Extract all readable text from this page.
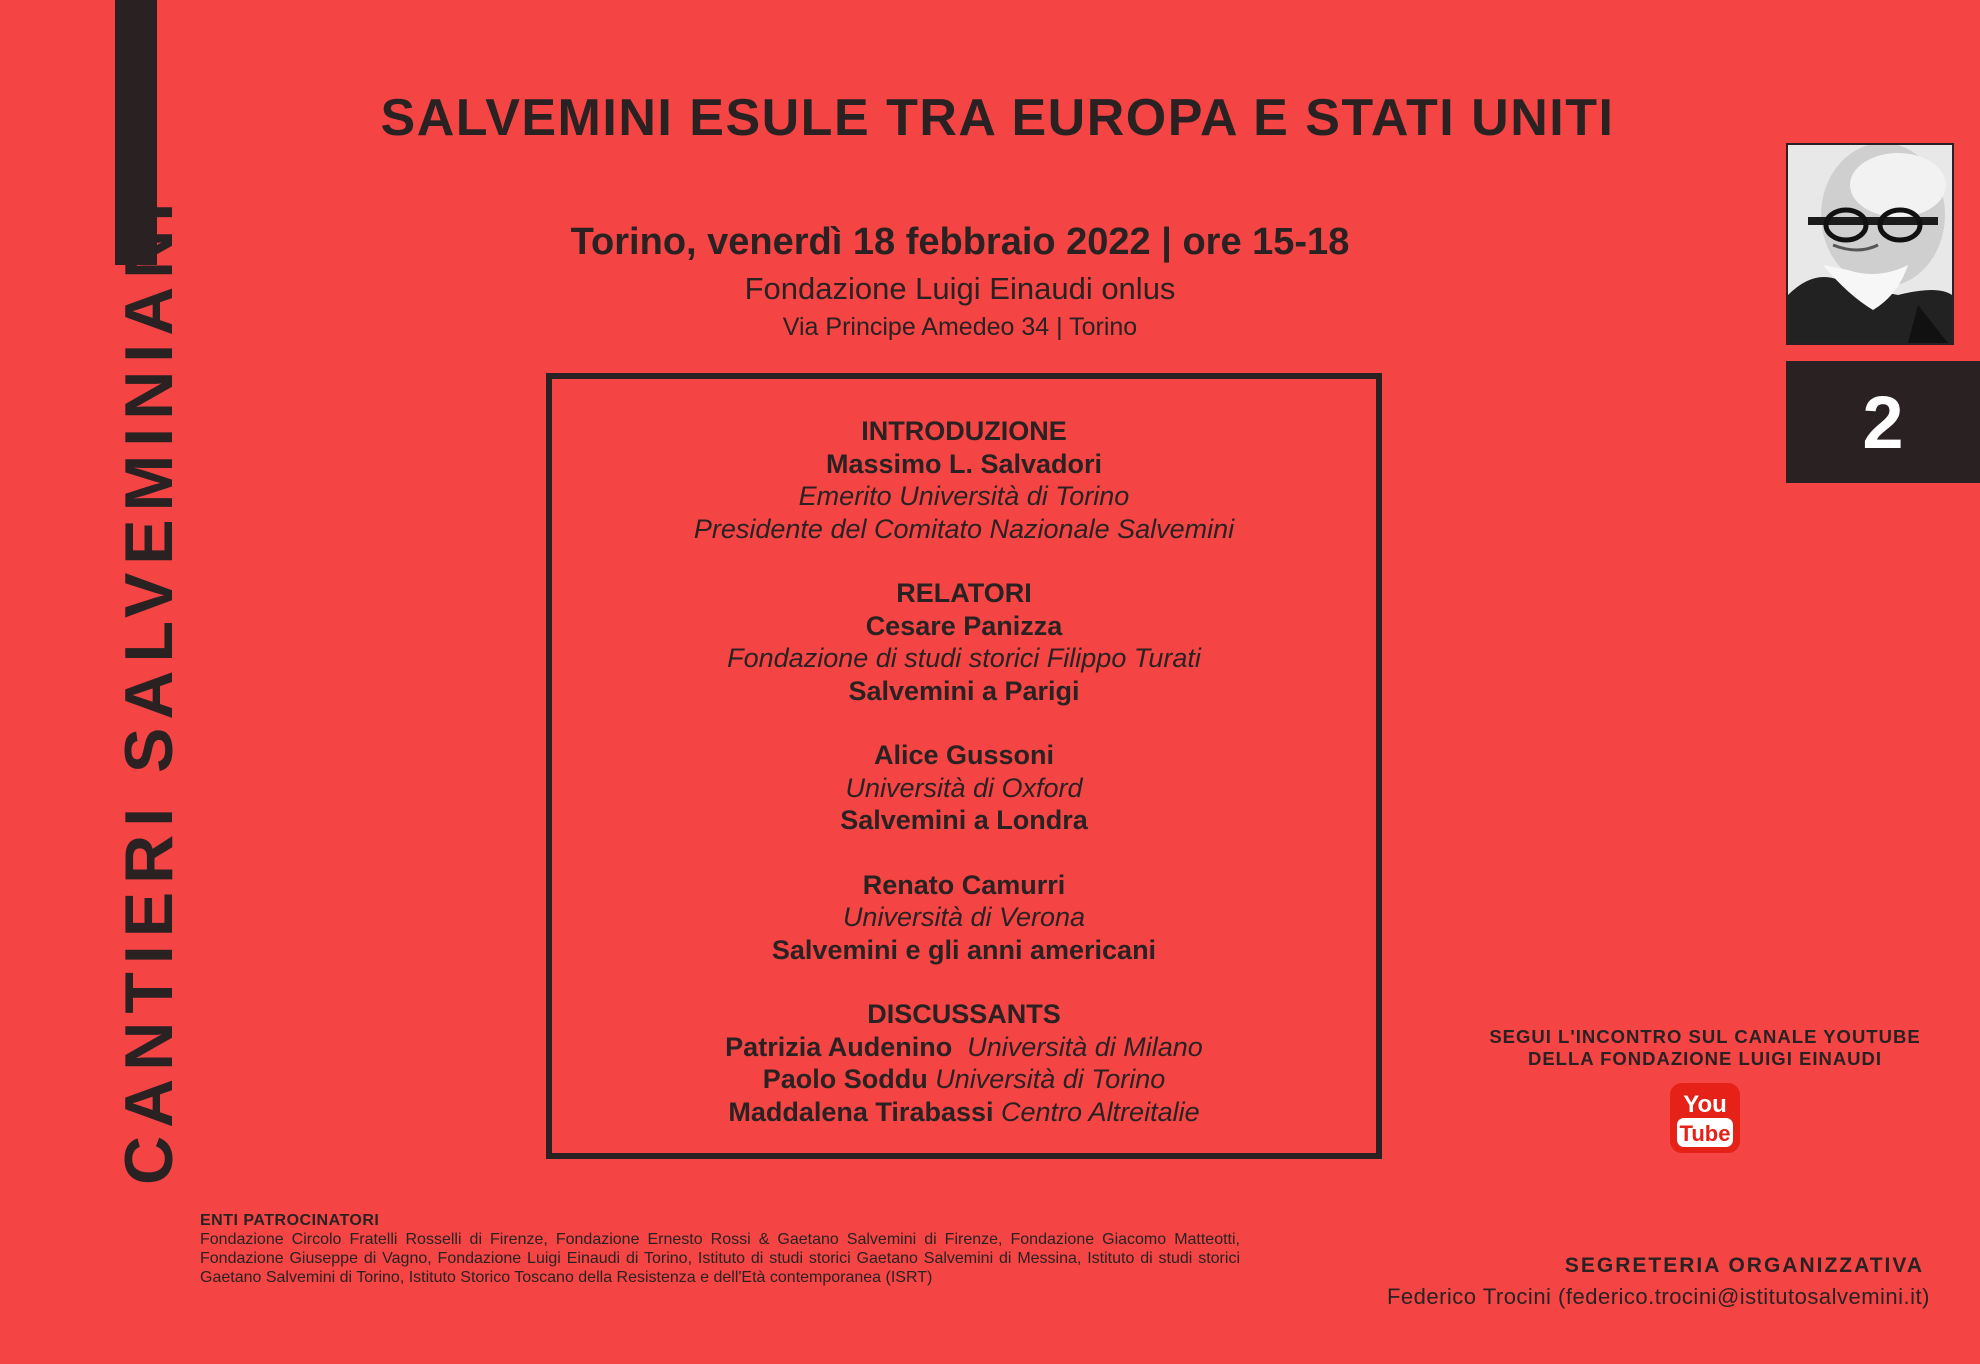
CANTIERI SALVEMINIANI
SALVEMINI ESULE TRA EUROPA E STATI UNITI
Torino, venerdì 18 febbraio 2022 | ore 15-18
Fondazione Luigi Einaudi onlus
Via Principe Amedeo 34 | Torino
2
INTRODUZIONE
Massimo L. Salvadori
Emerito Università di Torino
Presidente del Comitato Nazionale Salvemini
RELATORI
Cesare Panizza
Fondazione di studi storici Filippo Turati
Salvemini a Parigi
Alice Gussoni
Università di Oxford
Salvemini a Londra
Renato Camurri
Università di Verona
Salvemini e gli anni americani
DISCUSSANTS
Patrizia Audenino Università di Milano
Paolo Soddu Università di Torino
Maddalena Tirabassi Centro Altreitalie
SEGUI L'INCONTRO SUL CANALE YOUTUBE
DELLA FONDAZIONE LUIGI EINAUDI
You
Tube
ENTI PATROCINATORI
Fondazione Circolo Fratelli Rosselli di Firenze, Fondazione Ernesto Rossi & Gaetano Salvemini di Firenze, Fondazione Giacomo Matteotti, Fondazione Giuseppe di Vagno, Fondazione Luigi Einaudi di Torino, Istituto di studi storici Gaetano Salvemini di Messina, Istituto di studi storici Gaetano Salvemini di Torino, Istituto Storico Toscano della Resistenza e dell'Età contemporanea (ISRT)
SEGRETERIA ORGANIZZATIVA
Federico Trocini (federico.trocini@istitutosalvemini.it)
